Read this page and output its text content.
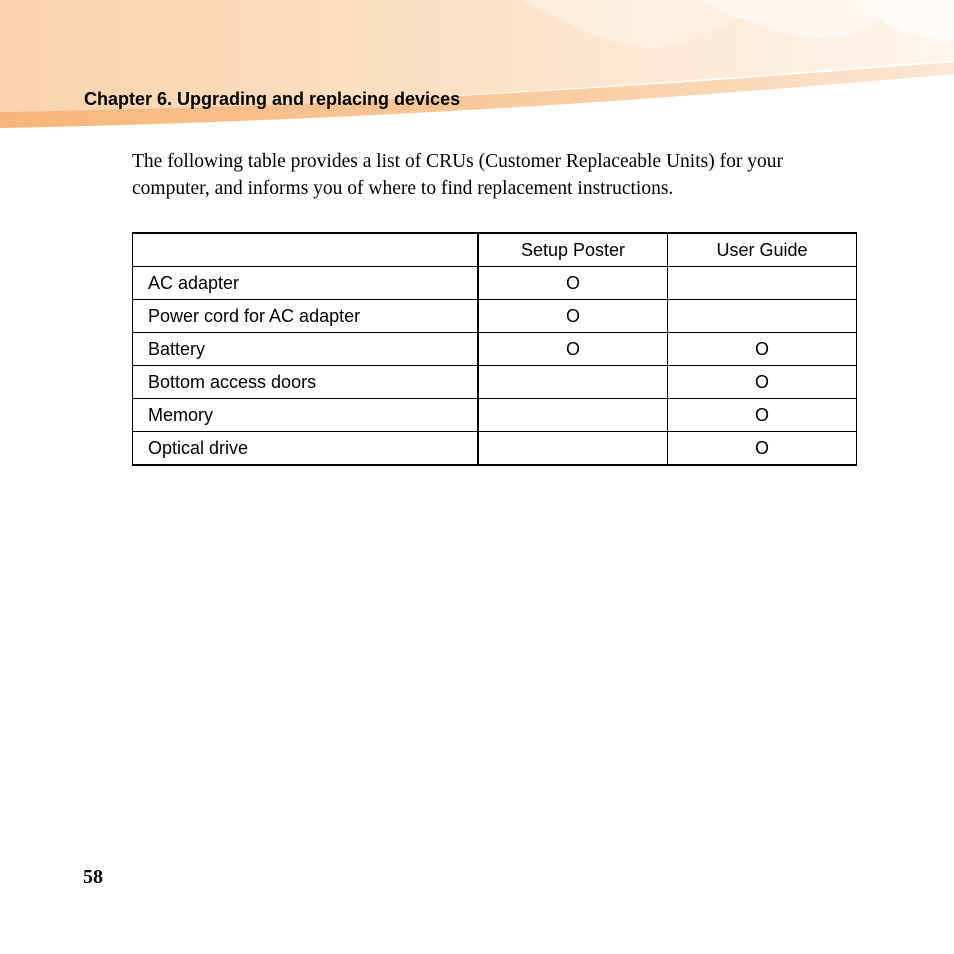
Chapter 6. Upgrading and replacing devices

The following table provides a list of CRUs (Customer Replaceable Units) for your computer, and informs you of where to find replacement instructions.

	Setup Poster	User Guide
AC adapter	O	
Power cord for AC adapter	O	
Battery	O	O
Bottom access doors		O
Memory		O
Optical drive		O
58
